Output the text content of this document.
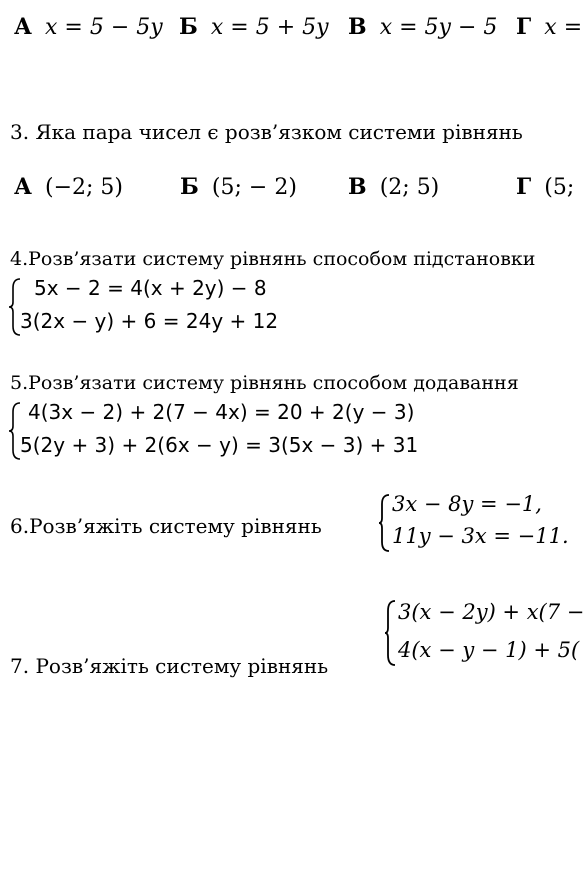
А x = 5 − 5y Б x = 5 + 5y В x = 5y − 5 Г x =
3. Яка пара чисел є розв’язком системи рівнянь
А (−2; 5)	Б (5; − 2) В (2; 5)	Г (5;
4.Розв’язати систему рівнянь способом підстановки
5x − 2 = 4(x + 2y) − 8
3(2x − y) + 6 = 24y + 12
5.Розв’язати систему рівнянь способом додавання
4(3x − 2) + 2(7 − 4x) = 20 + 2(y − 3)
5(2y + 3) + 2(6x − y) = 3(5x − 3) + 31
6.Розв’яжіть систему рівнянь
3x − 8y = −1,
11y − 3x = −11.
7. Розв’яжіть систему рівнянь
3(x − 2y) + x(7 −
4(x − y − 1) + 5(
